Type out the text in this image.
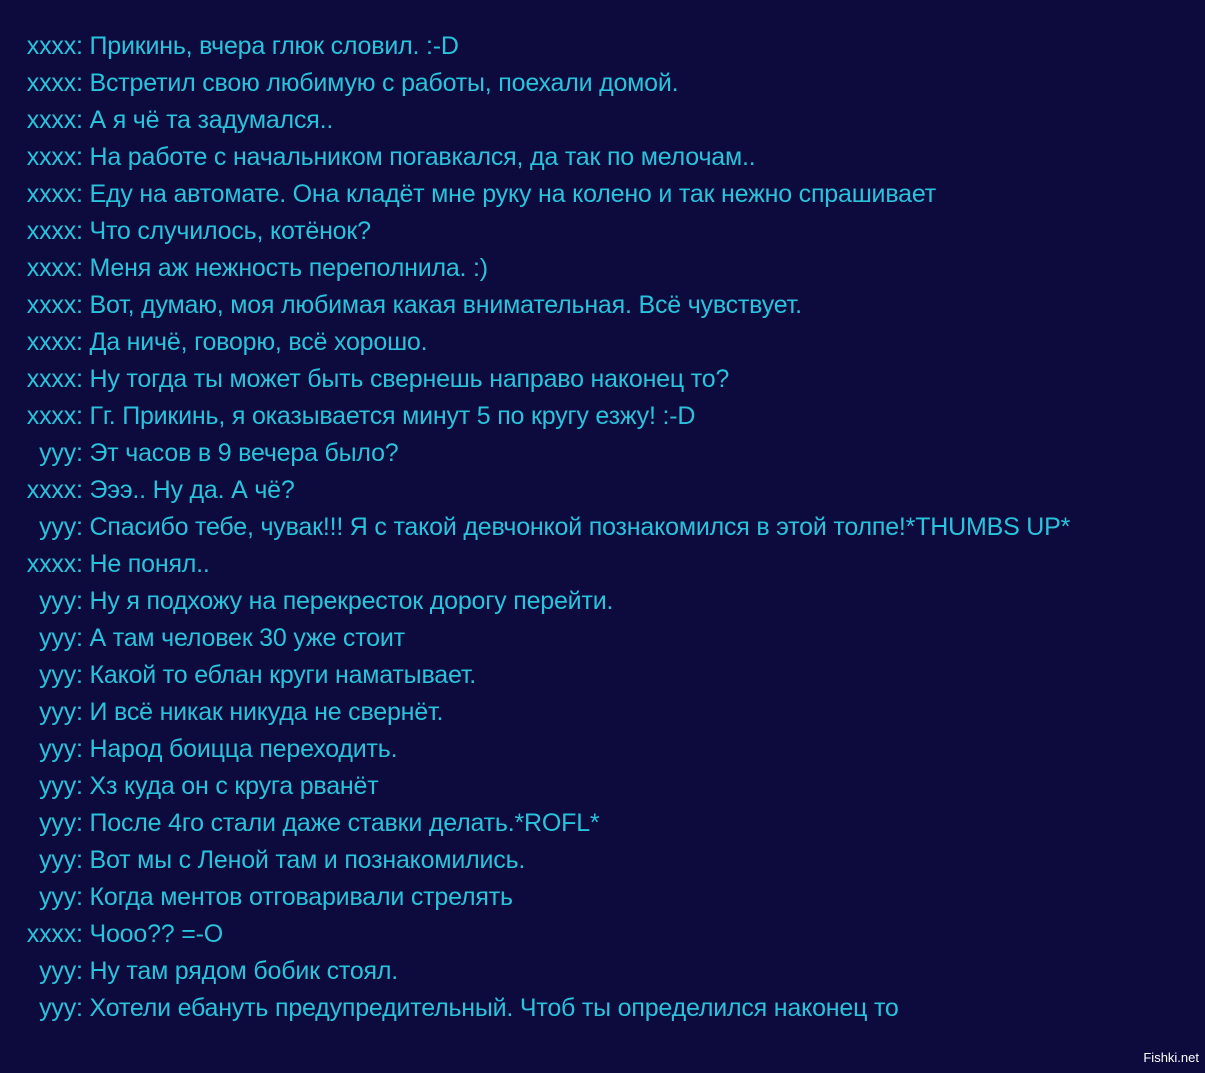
xxxx: Прикинь, вчера глюк словил. :-D
xxxx: Встретил свою любимую с работы, поехали домой.
xxxx: А я чё та задумался..
xxxx: На работе с начальником погавкался, да так по мелочам..
xxxx: Еду на автомате. Она кладёт мне руку на колено и так нежно спрашивает
xxxx: Что случилось, котёнок?
xxxx: Меня аж нежность переполнила. :)
xxxx: Вот, думаю, моя любимая какая внимательная. Всё чувствует.
xxxx: Да ничё, говорю, всё хорошо.
xxxx: Ну тогда ты может быть свернешь направо наконец то?
xxxx: Гг. Прикинь, я оказывается минут 5 по кругу езжу! :-D
yyy: Эт часов в 9 вечера было?
xxxx: Эээ.. Ну да. А чё?
yyy: Спасибо тебе, чувак!!! Я с такой девчонкой познакомился в этой толпе!*THUMBS UP*
xxxx: Не понял..
yyy: Ну я подхожу на перекресток дорогу перейти.
yyy: А там человек 30 уже стоит
yyy: Какой то еблан круги наматывает.
yyy: И всё никак никуда не свернёт.
yyy: Народ боицца переходить.
yyy: Хз куда он с круга рванёт
yyy: После 4го стали даже ставки делать.*ROFL*
yyy: Вот мы с Леной там и познакомились.
yyy: Когда ментов отговаривали стрелять
xxxx: Чооо?? =-O
yyy: Ну там рядом бобик стоял.
yyy: Хотели ебануть предупредительный. Чтоб ты определился наконец то
Fishki.net
